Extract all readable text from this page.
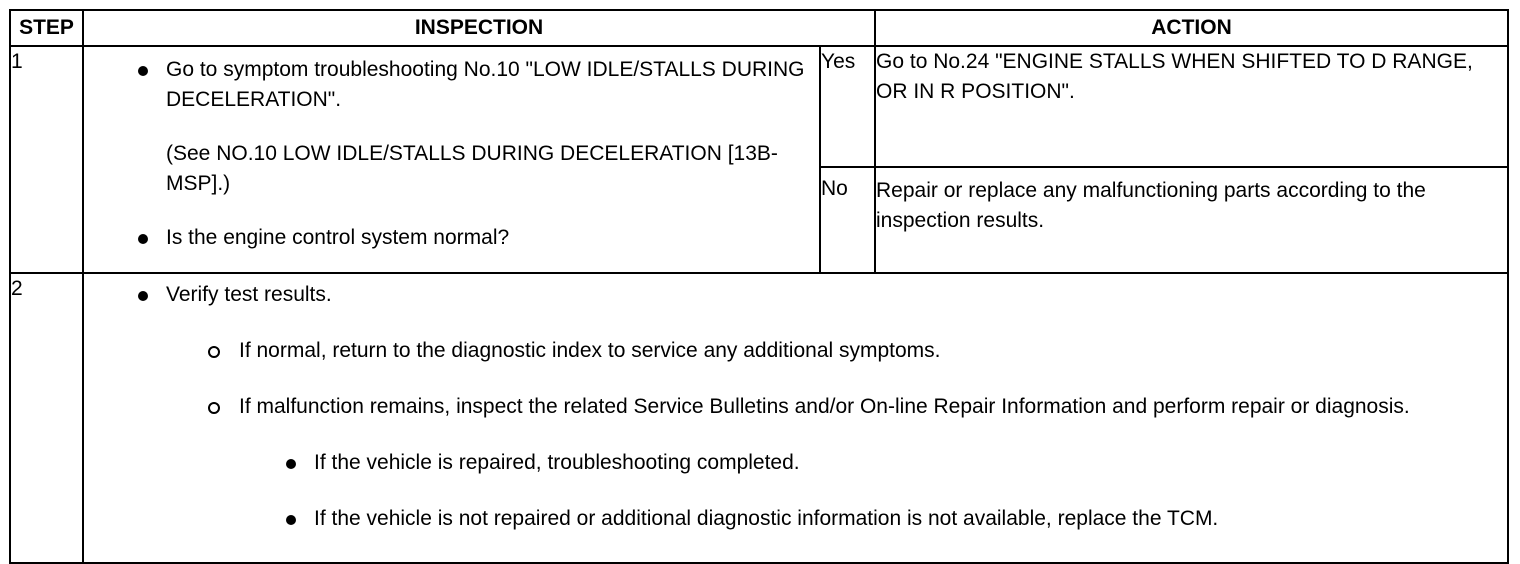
STEP	INSPECTION		ACTION
1	Go to symptom troubleshooting No.10 "LOW IDLE/STALLS DURING DECELERATION".
(See NO.10 LOW IDLE/STALLS DURING DECELERATION [13B-MSP].)
Is the engine control system normal?	Yes	Go to No.24 "ENGINE STALLS WHEN SHIFTED TO D RANGE, OR IN R POSITION".
		No	Repair or replace any malfunctioning parts according to the inspection results.
2	Verify test results.
If normal, return to the diagnostic index to service any additional symptoms.
If malfunction remains, inspect the related Service Bulletins and/or On-line Repair Information and perform repair or diagnosis.
If the vehicle is repaired, troubleshooting completed.
If the vehicle is not repaired or additional diagnostic information is not available, replace the TCM.		
